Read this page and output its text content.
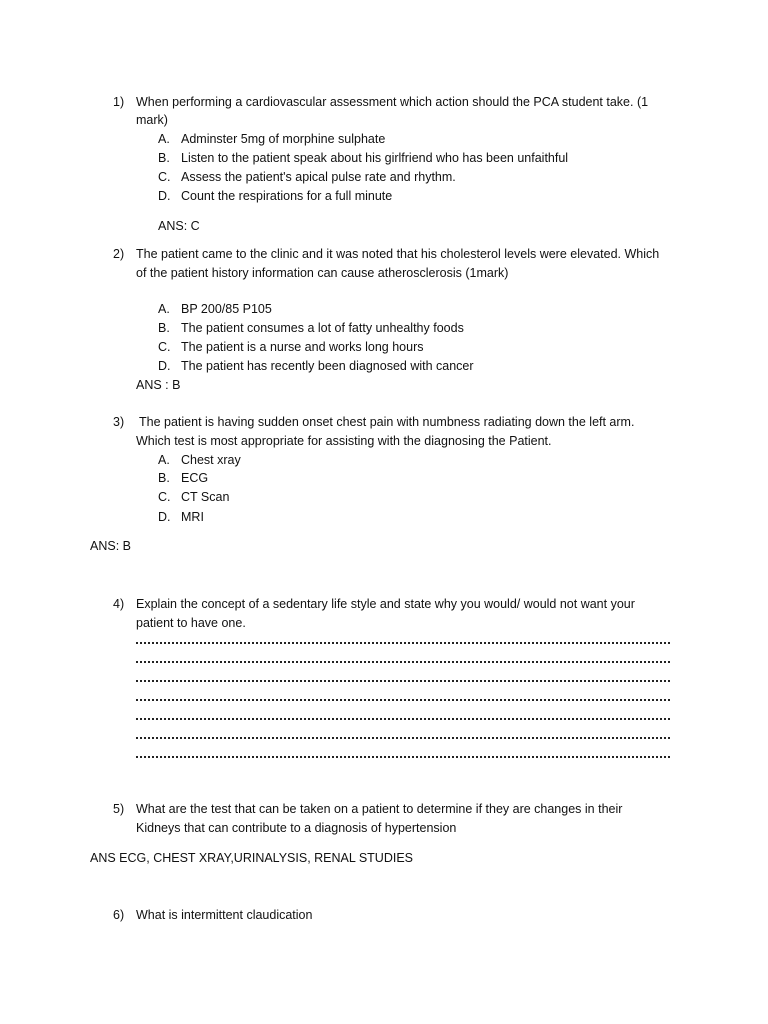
1) When performing a cardiovascular assessment which action should the PCA student take. (1
mark)
A. Adminster 5mg of morphine sulphate
B. Listen to the patient speak about his girlfriend who has been unfaithful
C. Assess the patient's apical pulse rate and rhythm.
D. Count the respirations for a full minute
ANS: C
2) The patient came to the clinic and it was noted that his cholesterol levels were elevated. Which
of the patient history information can cause atherosclerosis (1mark)
A. BP 200/85 P105
B. The patient consumes a lot of fatty unhealthy foods
C. The patient is a nurse and works long hours
D. The patient has recently been diagnosed with cancer
ANS : B
3) The patient is having sudden onset chest pain with numbness radiating down the left arm.
Which test is most appropriate for assisting with the diagnosing the Patient.
A. Chest xray
B. ECG
C. CT Scan
D. MRI
ANS: B
4) Explain the concept of a sedentary life style and state why you would/ would not want your
patient to have one.
5) What are the test that can be taken on a patient to determine if they are changes in their
Kidneys that can contribute to a diagnosis of hypertension
ANS ECG, CHEST XRAY,URINALYSIS, RENAL STUDIES
6) What is intermittent claudication
